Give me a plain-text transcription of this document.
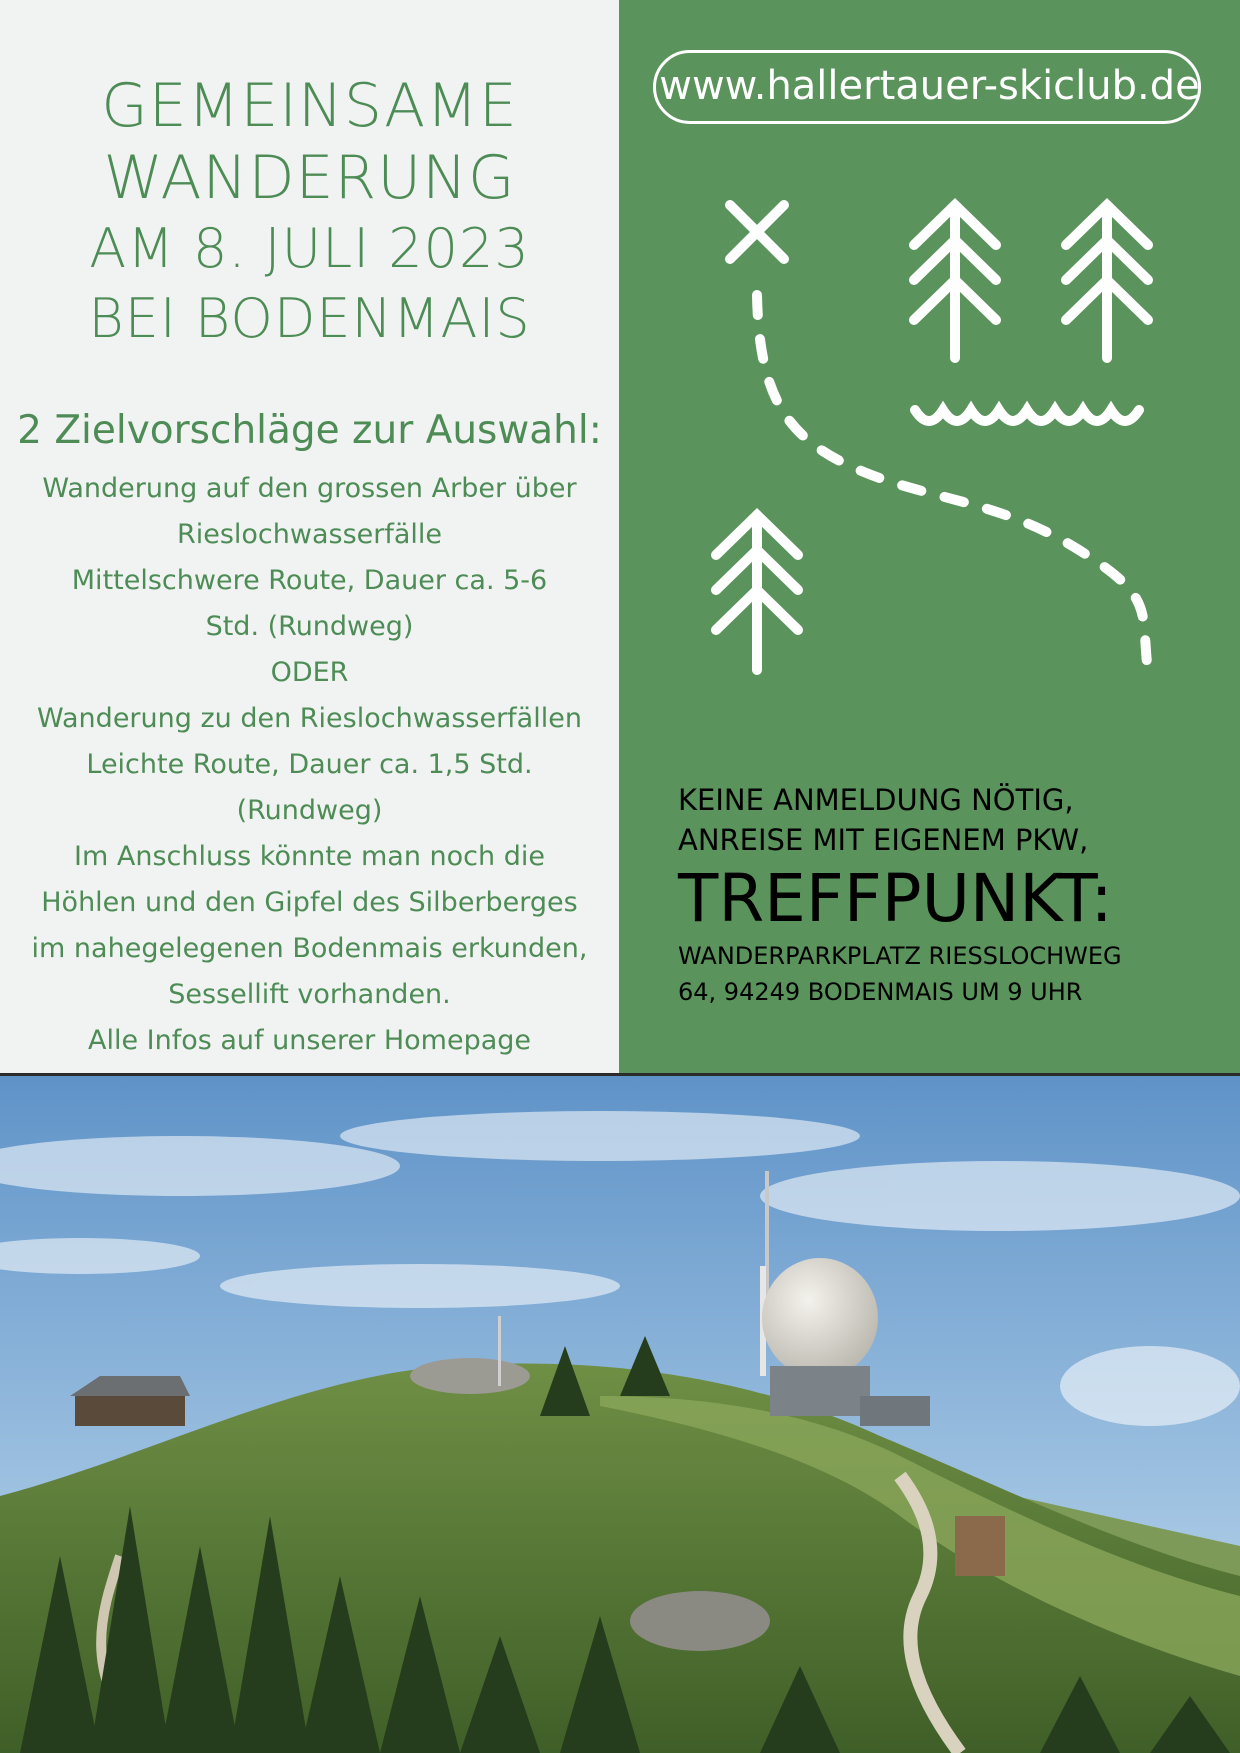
GEMEINSAME
WANDERUNG
AM 8. JULI 2023
BEI BODENMAIS
2 Zielvorschläge zur Auswahl:
Wanderung auf den grossen Arber über
Rieslochwasserfälle
Mittelschwere Route, Dauer ca. 5-6
Std. (Rundweg)
ODER
Wanderung zu den Rieslochwasserfällen
Leichte Route, Dauer ca. 1,5 Std.
(Rundweg)
Im Anschluss könnte man noch die
Höhlen und den Gipfel des Silberberges
im nahegelegenen Bodenmais erkunden,
Sessellift vorhanden.
Alle Infos auf unserer Homepage
www.hallertauer-skiclub.de
KEINE ANMELDUNG NÖTIG,
ANREISE MIT EIGENEM PKW,
TREFFPUNKT:
WANDERPARKPLATZ RIESSLOCHWEG
64, 94249 BODENMAIS UM 9 UHR
